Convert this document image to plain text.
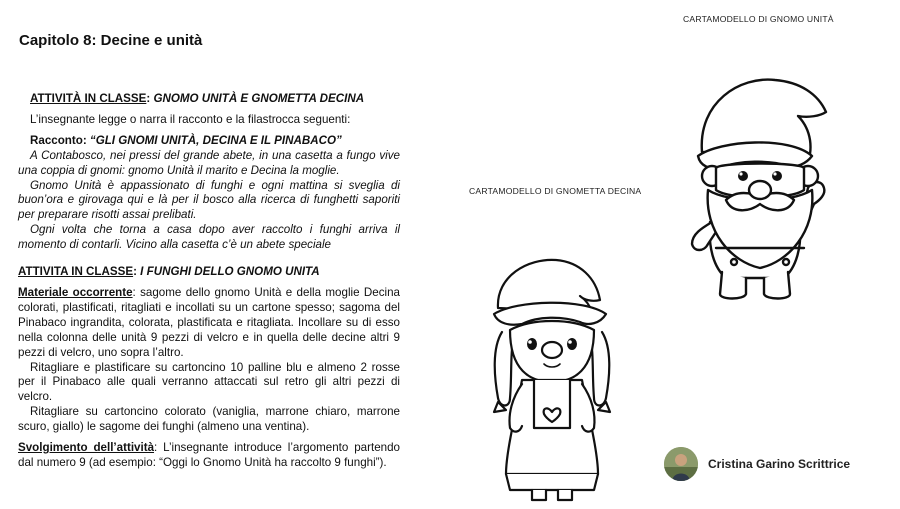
Capitolo 8: Decine e unità
ATTIVITÀ IN CLASSE: GNOMO UNITÀ E GNOMETTA DECINA
L’insegnante legge o narra il racconto e la filastrocca seguenti:
Racconto: “GLI GNOMI UNITÀ, DECINA E IL PINABACO”
A Contabosco, nei pressi del grande abete, in una casetta a fungo vive una coppia di gnomi: gnomo Unità il marito e Decina la moglie.
Gnomo Unità è appassionato di funghi e ogni mattina si sveglia di buon’ora e girovaga qui e là per il bosco alla ricerca di funghetti saporiti per preparare risotti assai prelibati.
Ogni volta che torna a casa dopo aver raccolto i funghi arriva il momento di contarli. Vicino alla casetta c’è un abete speciale
ATTIVITA IN CLASSE: I FUNGHI DELLO GNOMO UNITA
Materiale occorrente: sagome dello gnomo Unità e della moglie Decina colorati, plastificati, ritagliati e incollati su un cartone spesso; sagoma del Pinabaco ingrandita, colorata, plastificata e ritagliata. Incollare su di esso nella colonna delle unità 9 pezzi di velcro e in quella delle decine altri 9 pezzi di velcro, uno sopra l’altro.
Ritagliare e plastificare su cartoncino 10 palline blu e almeno 2 rosse per il Pinabaco alle quali verranno attaccati sul retro gli altri pezzi di velcro.
Ritagliare su cartoncino colorato (vaniglia, marrone chiaro, marrone scuro, giallo) le sagome dei funghi (almeno una ventina).
Svolgimento dell’attività: L’insegnante introduce l’argomento partendo dal numero 9 (ad esempio: “Oggi lo Gnomo Unità ha raccolto 9 funghi”).
CARTAMODELLO DI GNOMO UNITÀ
CARTAMODELLO DI GNOMETTA DECINA
Cristina Garino Scrittrice
